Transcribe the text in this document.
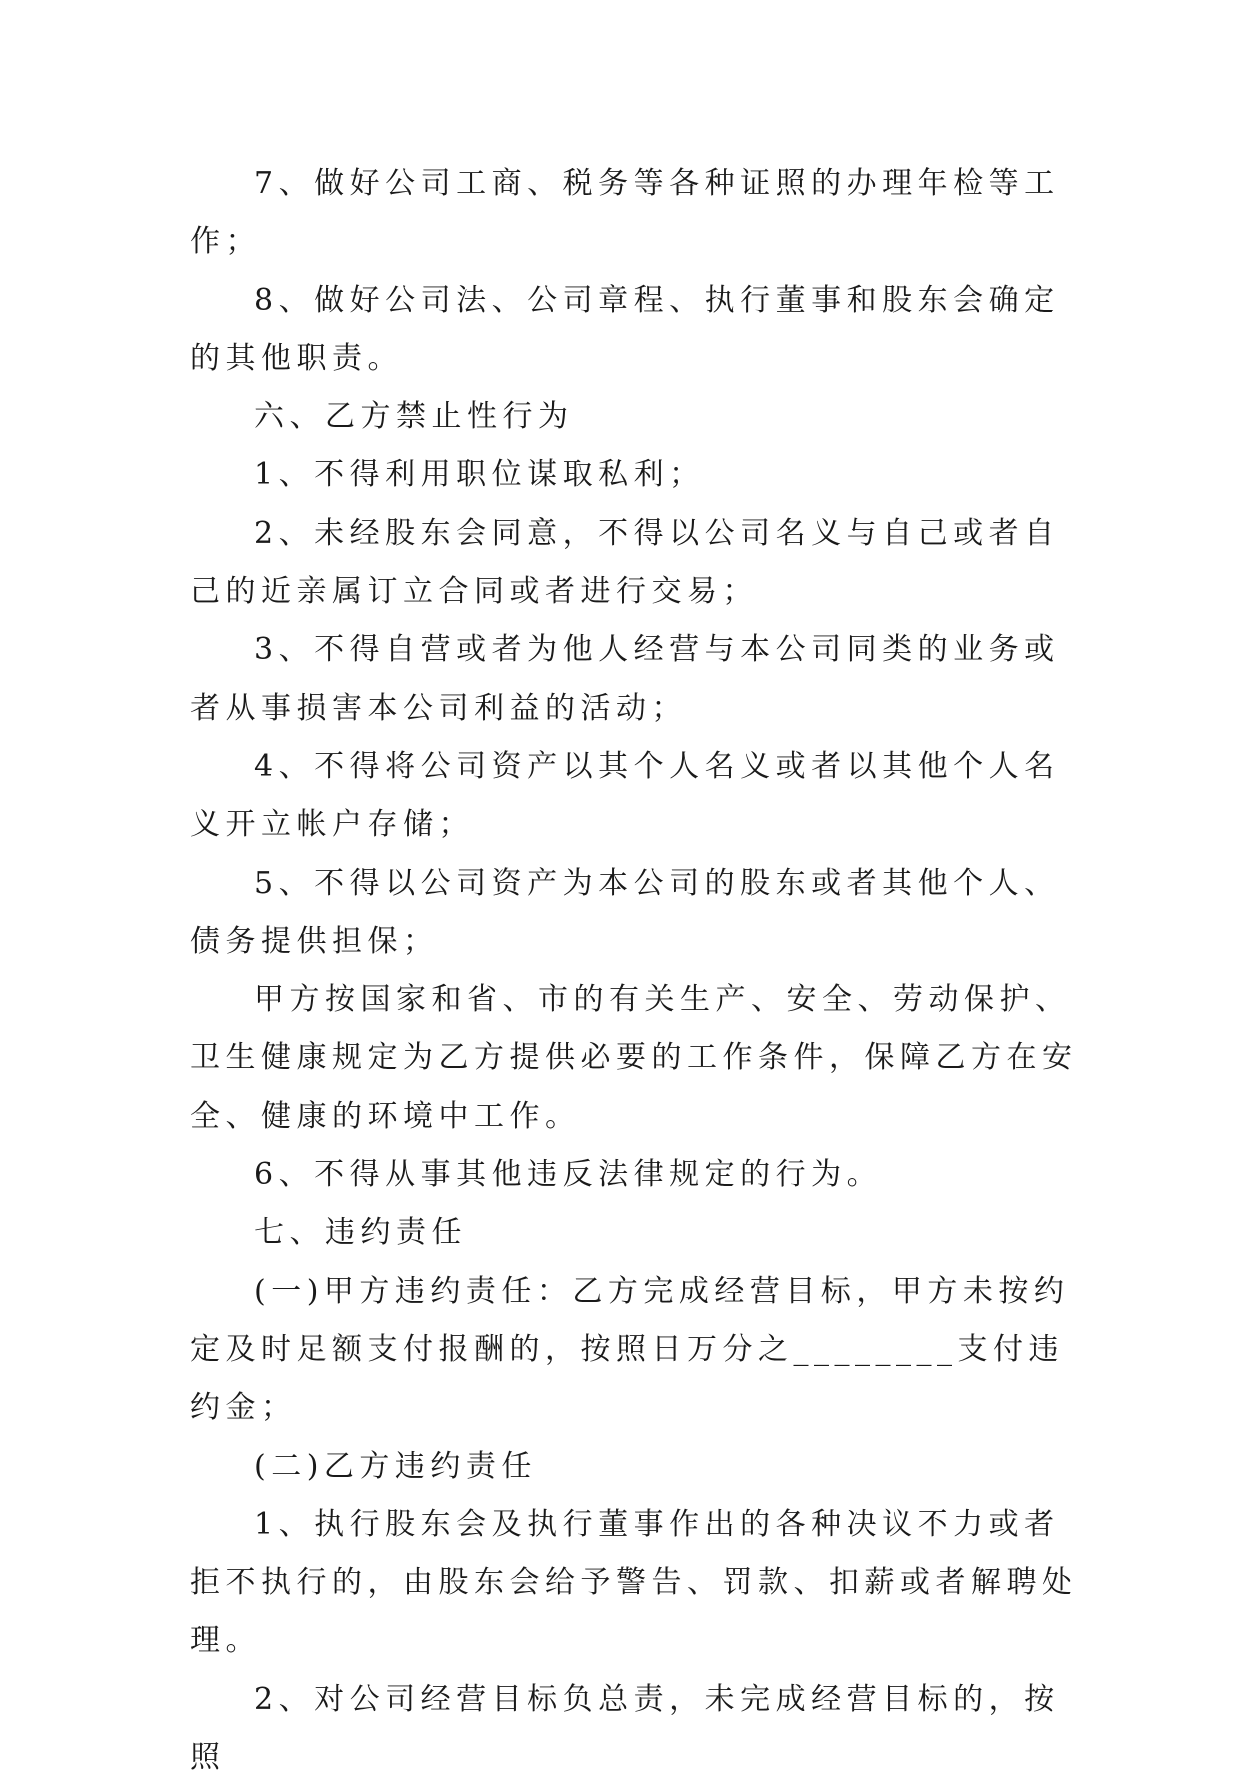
7、做好公司工商、税务等各种证照的办理年检等工作；

8、做好公司法、公司章程、执行董事和股东会确定的其他职责。

六、乙方禁止性行为

1、不得利用职位谋取私利；

2、未经股东会同意，不得以公司名义与自己或者自己的近亲属订立合同或者进行交易；

3、不得自营或者为他人经营与本公司同类的业务或者从事损害本公司利益的活动；

4、不得将公司资产以其个人名义或者以其他个人名义开立帐户存储；

5、不得以公司资产为本公司的股东或者其他个人、债务提供担保；

甲方按国家和省、市的有关生产、安全、劳动保护、卫生健康规定为乙方提供必要的工作条件，保障乙方在安全、健康的环境中工作。

6、不得从事其他违反法律规定的行为。

七、违约责任

(一)甲方违约责任：乙方完成经营目标，甲方未按约定及时足额支付报酬的，按照日万分之________支付违约金；

(二)乙方违约责任

1、执行股东会及执行董事作出的各种决议不力或者拒不执行的，由股东会给予警告、罚款、扣薪或者解聘处理。

2、对公司经营目标负总责，未完成经营目标的，按照
